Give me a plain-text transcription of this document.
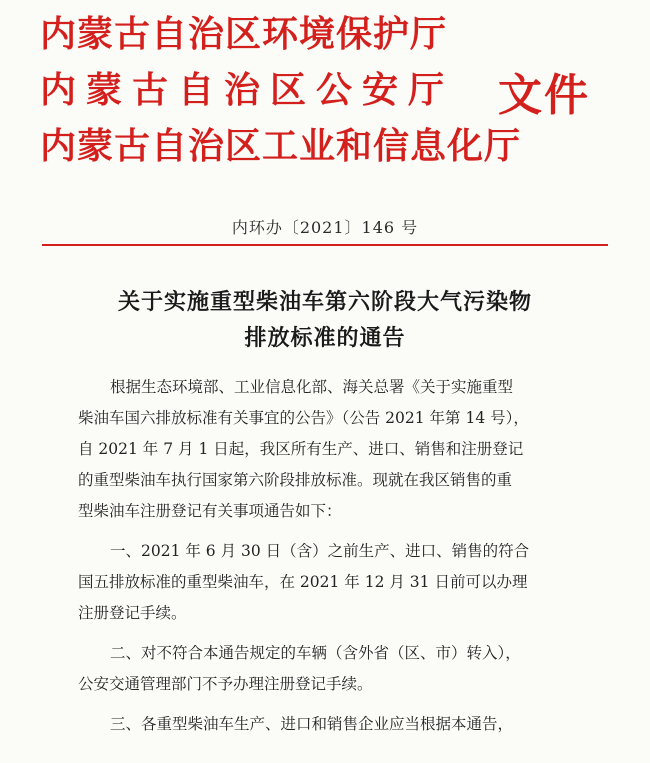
内蒙古自治区环境保护厅
内蒙古自治区公安厅
内蒙古自治区工业和信息化厅
文件
内环办〔2021〕146 号
关于实施重型柴油车第六阶段大气污染物
排放标准的通告
根据生态环境部、工业信息化部、海关总署《关于实施重型
柴油车国六排放标准有关事宜的公告》（公告 2021 年第 14 号），
自 2021 年 7 月 1 日起，我区所有生产、进口、销售和注册登记
的重型柴油车执行国家第六阶段排放标准。现就在我区销售的重
型柴油车注册登记有关事项通告如下：
一、2021 年 6 月 30 日（含）之前生产、进口、销售的符合
国五排放标准的重型柴油车，在 2021 年 12 月 31 日前可以办理
注册登记手续。
二、对不符合本通告规定的车辆（含外省（区、市）转入），
公安交通管理部门不予办理注册登记手续。
三、各重型柴油车生产、进口和销售企业应当根据本通告，
